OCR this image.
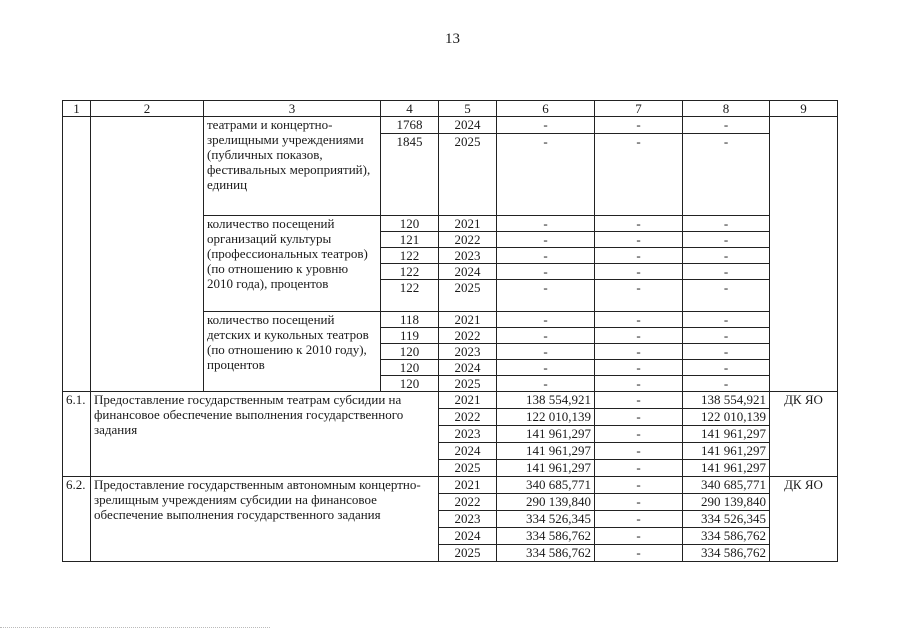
13
1	2	3	4	5	6	7	8	9
		театрами и концертно-зрелищными учреждениями (публичных показов, фестивальных мероприятий), единиц	1768	2024	-	-	-	
			1845	2025	-	-	-	
		количество посещений организаций культуры (профессиональных театров) (по отношению к уровню 2010 года), процентов	120	2021	-	-	-	
			121	2022	-	-	-	
			122	2023	-	-	-	
			122	2024	-	-	-	
			122	2025	-	-	-	
		количество посещений детских и кукольных театров (по отношению к 2010 году), процентов	118	2021	-	-	-	
			119	2022	-	-	-	
			120	2023	-	-	-	
			120	2024	-	-	-	
			120	2025	-	-	-	
6.1.	Предоставление государственным театрам субсидии на финансовое обеспечение выполнения государственного задания			2021	138 554,921	-	138 554,921	ДК ЯО
				2022	122 010,139	-	122 010,139	
				2023	141 961,297	-	141 961,297	
				2024	141 961,297	-	141 961,297	
				2025	141 961,297	-	141 961,297	
6.2.	Предоставление государственным автономным концертно-зрелищным учреждениям субсидии на финансовое обеспечение выполнения государственного задания			2021	340 685,771	-	340 685,771	ДК ЯО
				2022	290 139,840	-	290 139,840	
				2023	334 526,345	-	334 526,345	
				2024	334 586,762	-	334 586,762	
				2025	334 586,762	-	334 586,762	
